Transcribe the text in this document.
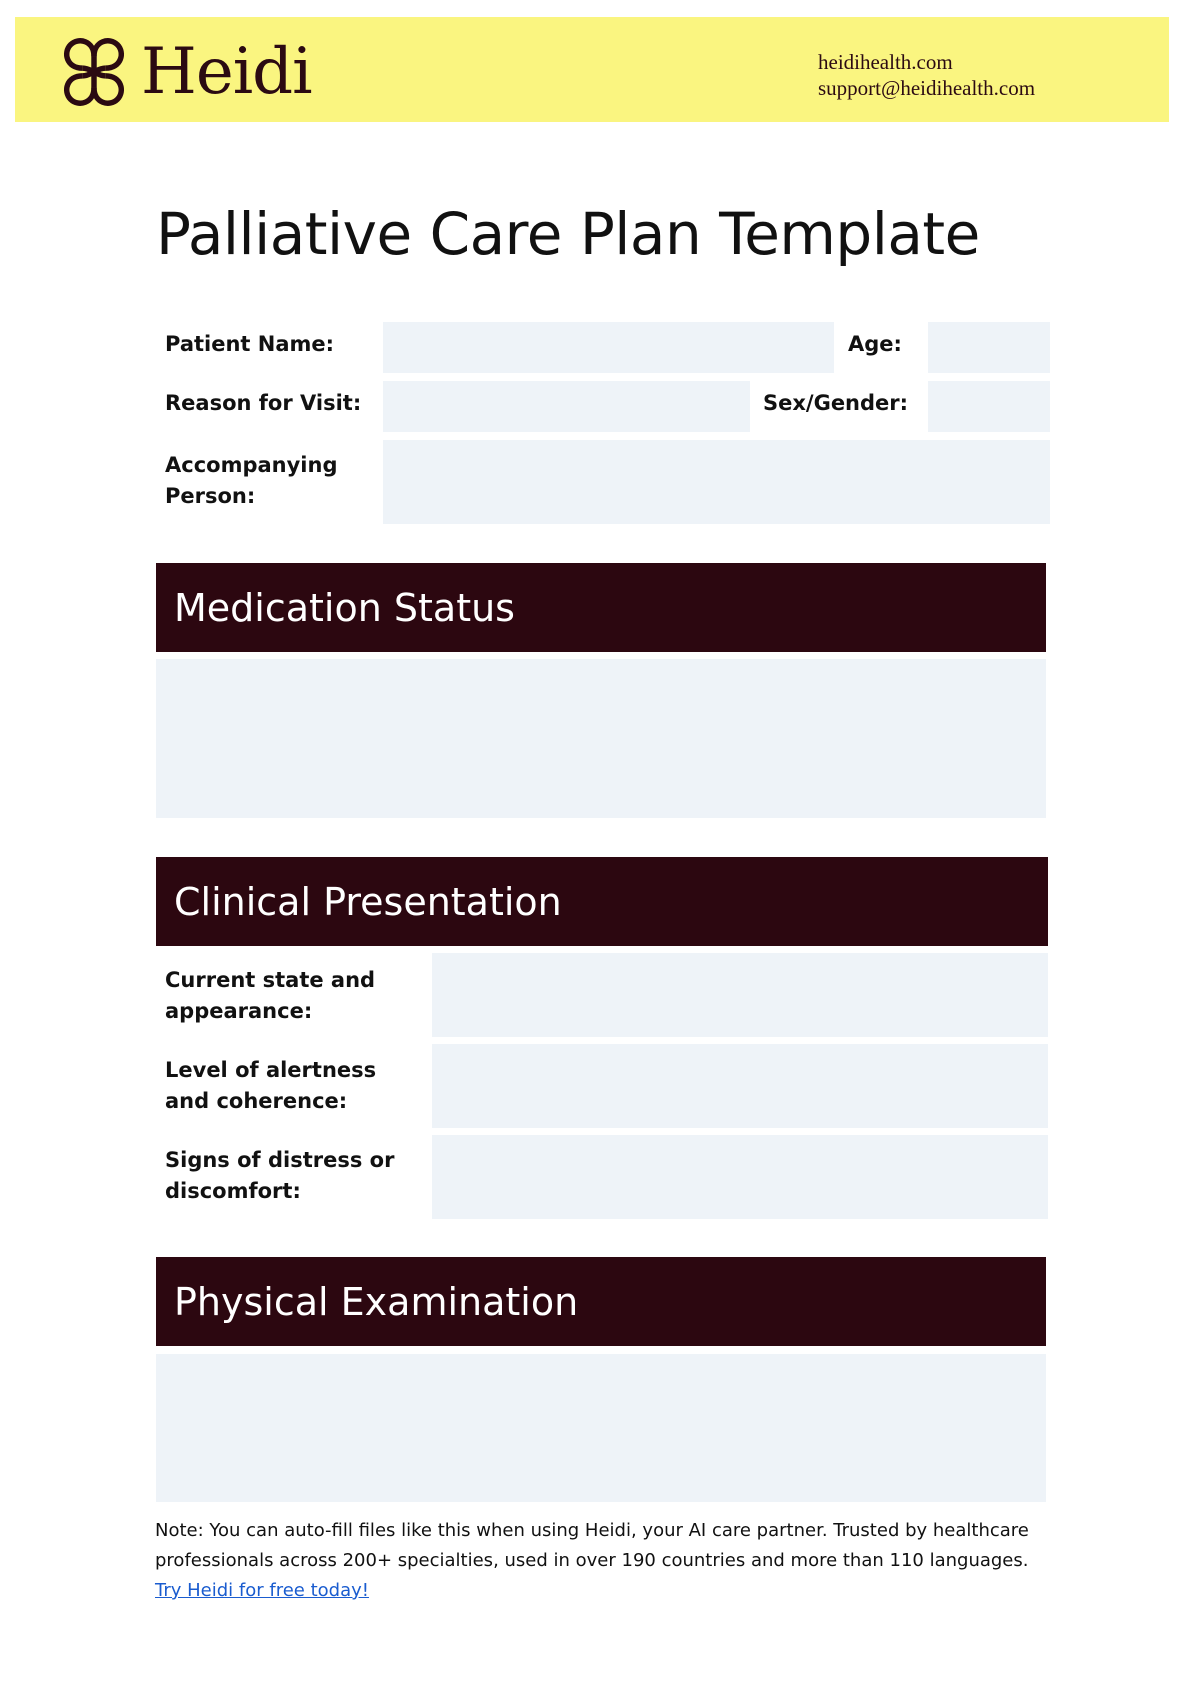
Heidi	heidihealth.com
support@heidihealth.com
Palliative Care Plan Template
Patient Name:	Age:
Reason for Visit:	Sex/Gender:
Accompanying Person:
Medication Status
Clinical Presentation
Current state and appearance:
Level of alertness and coherence:
Signs of distress or discomfort:
Physical Examination
Note: You can auto-fill files like this when using Heidi, your AI care partner. Trusted by healthcare professionals across 200+ specialties, used in over 190 countries and more than 110 languages.
Try Heidi for free today!
